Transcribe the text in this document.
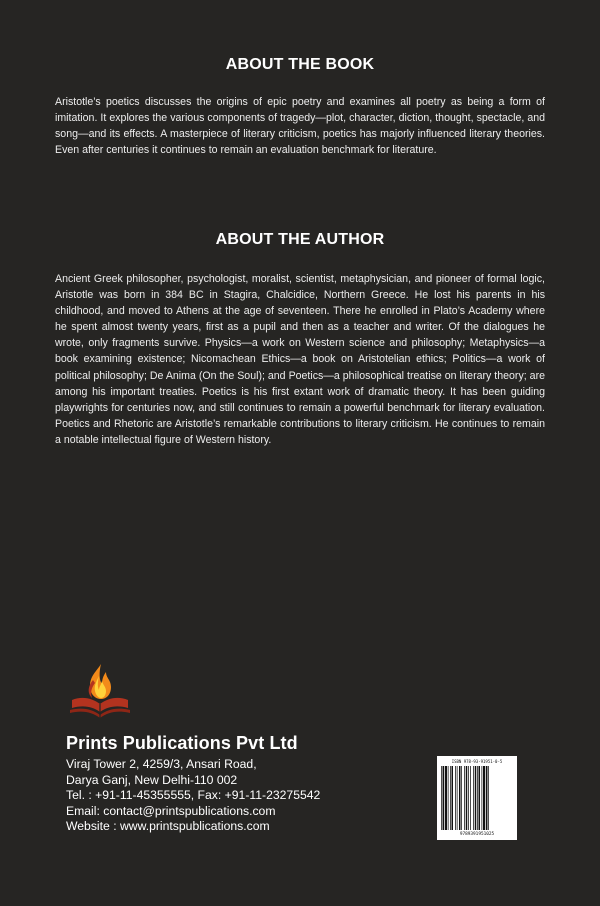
ABOUT THE BOOK
Aristotle’s poetics discusses the origins of epic poetry and examines all poetry as being a form of imitation. It explores the various components of tragedy—plot, character, diction, thought, spectacle, and song—and its effects. A masterpiece of literary criticism, poetics has majorly influenced literary theories. Even after centuries it continues to remain an evaluation benchmark for literature.
ABOUT THE AUTHOR
Ancient Greek philosopher, psychologist, moralist, scientist, metaphysician, and pioneer of formal logic, Aristotle was born in 384 BC in Stagira, Chalcidice, Northern Greece. He lost his parents in his childhood, and moved to Athens at the age of seventeen. There he enrolled in Plato’s Academy where he spent almost twenty years, first as a pupil and then as a teacher and writer. Of the dialogues he wrote, only fragments survive. Physics—a work on Western science and philosophy; Metaphysics—a book examining existence; Nicomachean Ethics—a book on Aristotelian ethics; Politics—a work of political philosophy; De Anima (On the Soul); and Poetics—a philosophical treatise on literary theory; are among his important treaties. Poetics is his first extant work of dramatic theory. It has been guiding playwrights for centuries now, and still continues to remain a powerful benchmark for literary evaluation. Poetics and Rhetoric are Aristotle’s remarkable contributions to literary criticism. He continues to remain a notable intellectual figure of Western history.
Prints Publications Pvt Ltd
Viraj Tower 2, 4259/3, Ansari Road,
Darya Ganj, New Delhi-110 002
Tel. : +91-11-45355555, Fax: +91-11-23275542
Email: contact@printspublications.com
Website : www.printspublications.com
ISBN 978-93-91951-0-5
9789391951025
